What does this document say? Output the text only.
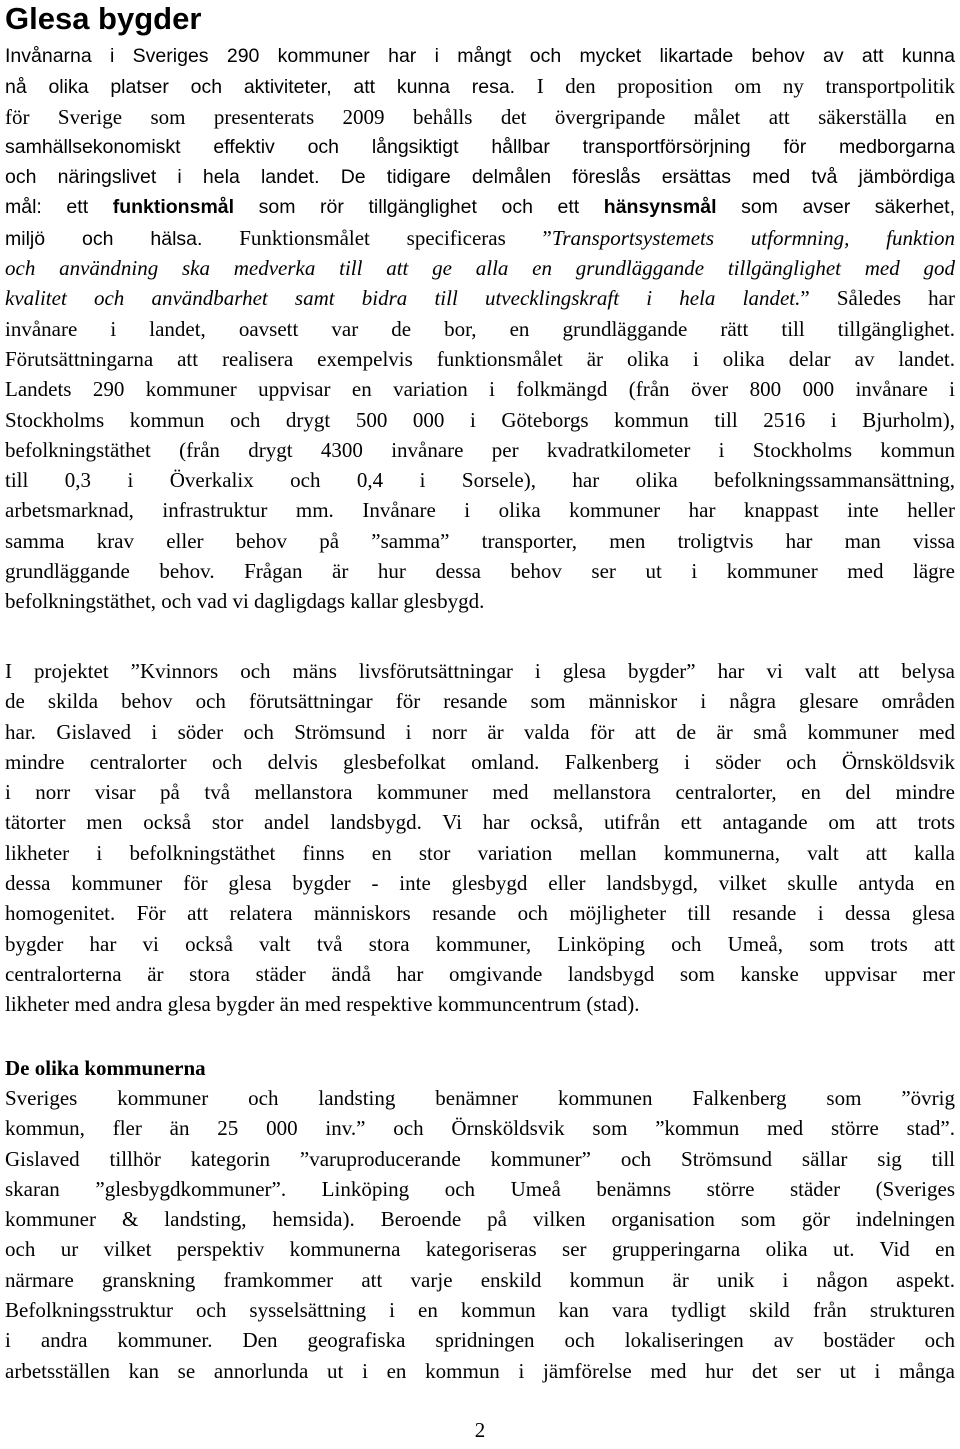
Glesa bygder
Invånarna i Sveriges 290 kommuner har i mångt och mycket likartade behov av att kunna
nå olika platser och aktiviteter, att kunna resa. I den proposition om ny transportpolitik
för Sverige som presenterats 2009 behålls det övergripande målet att säkerställa en
samhällsekonomiskt effektiv och långsiktigt hållbar transportförsörjning för medborgarna
och näringslivet i hela landet. De tidigare delmålen föreslås ersättas med två jämbördiga
mål: ett funktionsmål som rör tillgänglighet och ett hänsynsmål som avser säkerhet,
miljö och hälsa. Funktionsmålet specificeras ”Transportsystemets utformning, funktion
och användning ska medverka till att ge alla en grundläggande tillgänglighet med god
kvalitet och användbarhet samt bidra till utvecklingskraft i hela landet.” Således har
invånare i landet, oavsett var de bor, en grundläggande rätt till tillgänglighet.
Förutsättningarna att realisera exempelvis funktionsmålet är olika i olika delar av landet.
Landets 290 kommuner uppvisar en variation i folkmängd (från över 800 000 invånare i
Stockholms kommun och drygt 500 000 i Göteborgs kommun till 2516 i Bjurholm),
befolkningstäthet (från drygt 4300 invånare per kvadratkilometer i Stockholms kommun
till 0,3 i Överkalix och 0,4 i Sorsele), har olika befolkningssammansättning,
arbetsmarknad, infrastruktur mm. Invånare i olika kommuner har knappast inte heller
samma krav eller behov på ”samma” transporter, men troligtvis har man vissa
grundläggande behov. Frågan är hur dessa behov ser ut i kommuner med lägre
befolkningstäthet, och vad vi dagligdags kallar glesbygd.
I projektet ”Kvinnors och mäns livsförutsättningar i glesa bygder” har vi valt att belysa
de skilda behov och förutsättningar för resande som människor i några glesare områden
har. Gislaved i söder och Strömsund i norr är valda för att de är små kommuner med
mindre centralorter och delvis glesbefolkat omland. Falkenberg i söder och Örnsköldsvik
i norr visar på två mellanstora kommuner med mellanstora centralorter, en del mindre
tätorter men också stor andel landsbygd. Vi har också, utifrån ett antagande om att trots
likheter i befolkningstäthet finns en stor variation mellan kommunerna, valt att kalla
dessa kommuner för glesa bygder - inte glesbygd eller landsbygd, vilket skulle antyda en
homogenitet. För att relatera människors resande och möjligheter till resande i dessa glesa
bygder har vi också valt två stora kommuner, Linköping och Umeå, som trots att
centralorterna är stora städer ändå har omgivande landsbygd som kanske uppvisar mer
likheter med andra glesa bygder än med respektive kommuncentrum (stad).
De olika kommunerna
Sveriges kommuner och landsting benämner kommunen Falkenberg som ”övrig
kommun, fler än 25 000 inv.” och Örnsköldsvik som ”kommun med större stad”.
Gislaved tillhör kategorin ”varuproducerande kommuner” och Strömsund sällar sig till
skaran ”glesbygdkommuner”. Linköping och Umeå benämns större städer (Sveriges
kommuner & landsting, hemsida). Beroende på vilken organisation som gör indelningen
och ur vilket perspektiv kommunerna kategoriseras ser grupperingarna olika ut. Vid en
närmare granskning framkommer att varje enskild kommun är unik i någon aspekt.
Befolkningsstruktur och sysselsättning i en kommun kan vara tydligt skild från strukturen
i andra kommuner. Den geografiska spridningen och lokaliseringen av bostäder och
arbetsställen kan se annorlunda ut i en kommun i jämförelse med hur det ser ut i många
2
